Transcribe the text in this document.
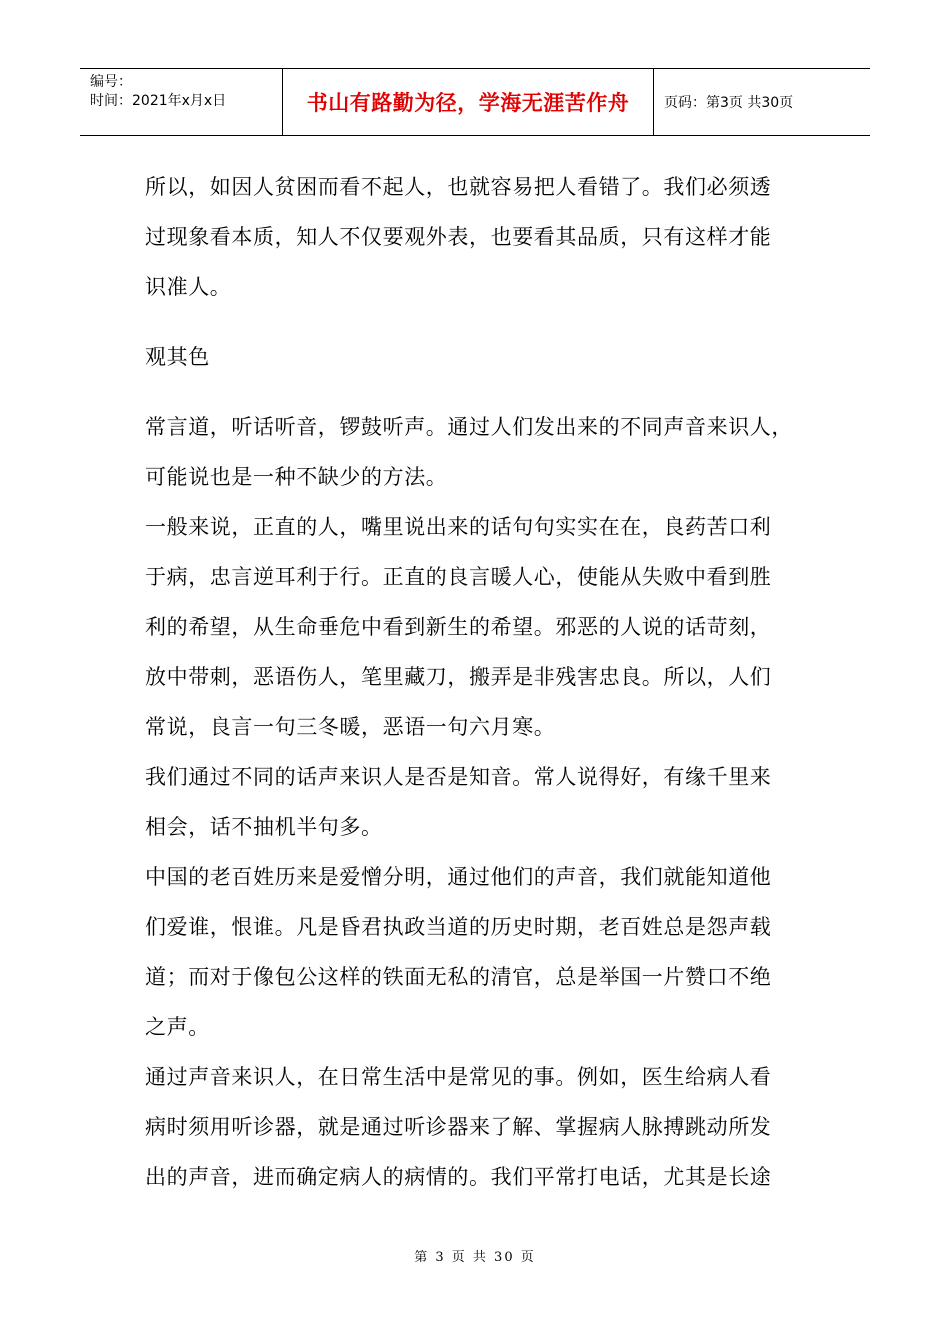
编号：
时间：2021年x月x日	书山有路勤为径，学海无涯苦作舟	页码：第3页 共30页

所以，如因人贫困而看不起人，也就容易把人看错了。我们必须透

过现象看本质，知人不仅要观外表，也要看其品质，只有这样才能

识准人。

观其色

常言道，听话听音，锣鼓听声。通过人们发出来的不同声音来识人，

可能说也是一种不缺少的方法。

一般来说，正直的人，嘴里说出来的话句句实实在在，良药苦口利

于病，忠言逆耳利于行。正直的良言暖人心，使能从失败中看到胜

利的希望，从生命垂危中看到新生的希望。邪恶的人说的话苛刻，

放中带刺，恶语伤人，笔里藏刀，搬弄是非残害忠良。所以，人们

常说，良言一句三冬暖，恶语一句六月寒。

我们通过不同的话声来识人是否是知音。常人说得好，有缘千里来

相会，话不抽机半句多。

中国的老百姓历来是爱憎分明，通过他们的声音，我们就能知道他

们爱谁，恨谁。凡是昏君执政当道的历史时期，老百姓总是怨声载

道；而对于像包公这样的铁面无私的清官，总是举国一片赞口不绝

之声。

通过声音来识人，在日常生活中是常见的事。例如，医生给病人看

病时须用听诊器，就是通过听诊器来了解、掌握病人脉搏跳动所发

出的声音，进而确定病人的病情的。我们平常打电话，尤其是长途

第 3 页 共 30 页
